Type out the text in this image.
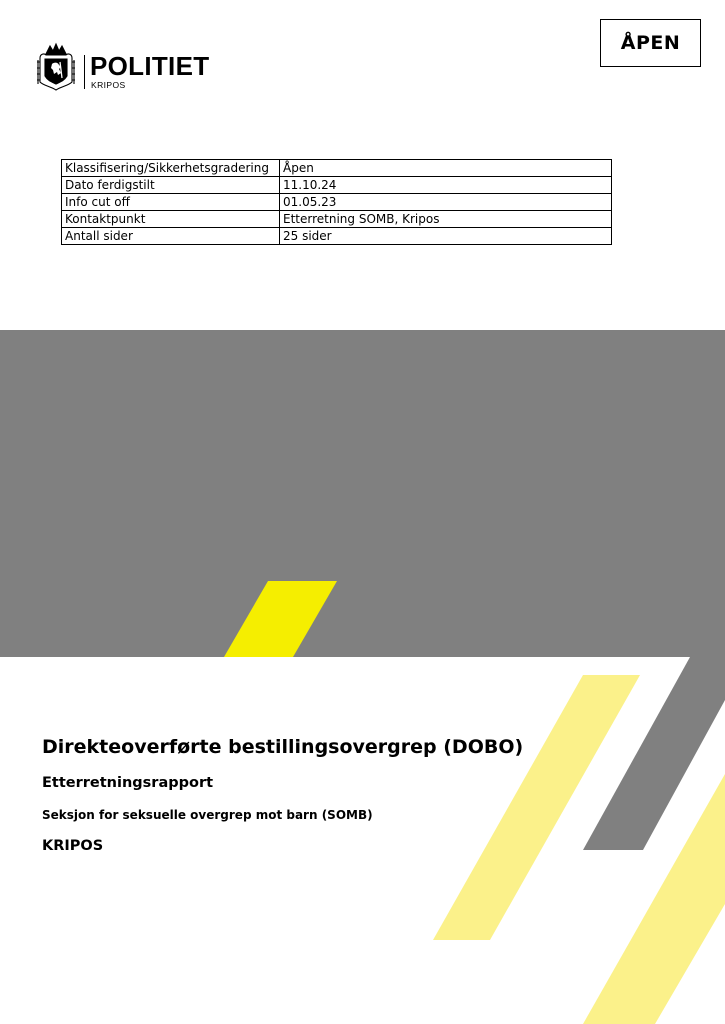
ÅPEN
POLITIET
KRIPOS
Klassifisering/Sikkerhetsgradering	Åpen
Dato ferdigstilt	11.10.24
Info cut off	01.05.23
Kontaktpunkt	Etterretning SOMB, Kripos
Antall sider	25 sider
Direkteoverførte bestillingsovergrep (DOBO)
Etterretningsrapport
Seksjon for seksuelle overgrep mot barn (SOMB)
KRIPOS
